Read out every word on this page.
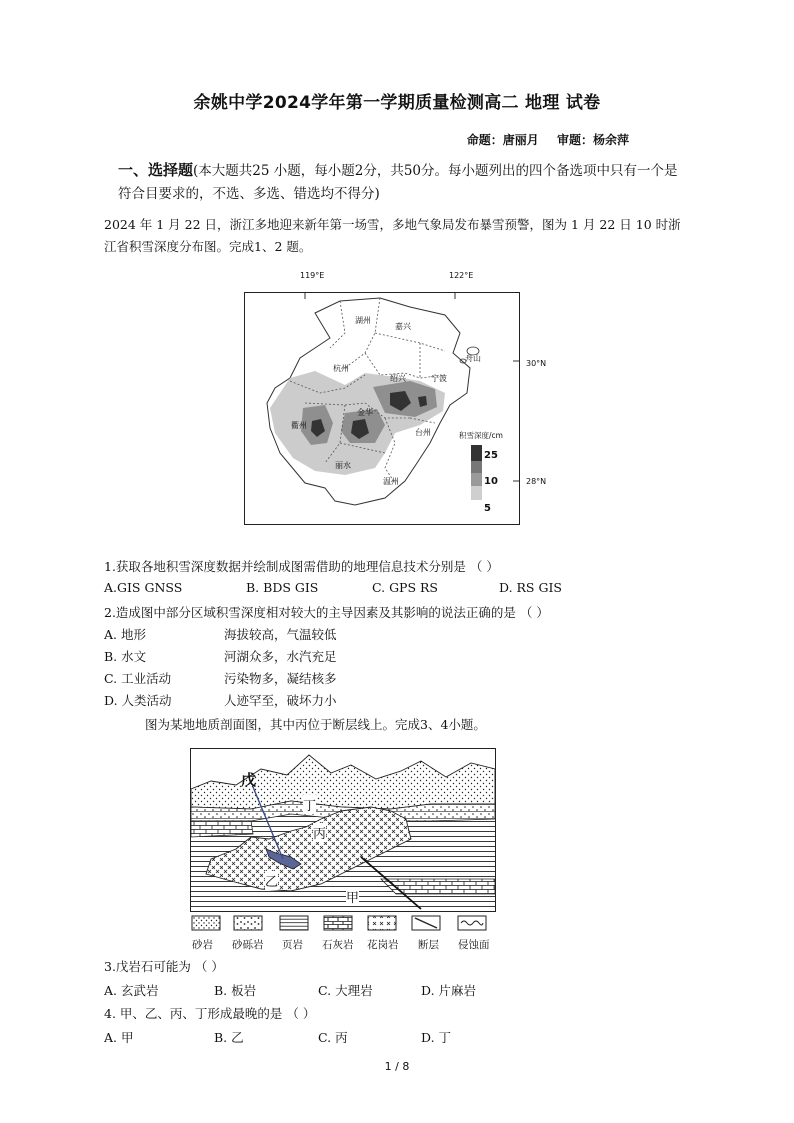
余姚中学2024学年第一学期质量检测高二 地理 试卷
命题：唐丽月 审题：杨余萍
一、选择题(本大题共25 小题，每小题2分，共50分。每小题列出的四个备选项中只有一个是符合目要求的，不选、多选、错选均不得分)
2024 年 1 月 22 日，浙江多地迎来新年第一场雪，多地气象局发布暴雪预警，图为 1 月 22 日 10 时浙江省积雪深度分布图。完成1、2 题。
119°E	122°E
30°N
28°N
湖州
嘉兴
舟山
杭州
绍兴	宁波
金华
衢州
台州
丽水
温州
积雪深度/cm
25
10
5
1.获取各地积雪深度数据并绘制成图需借助的地理信息技术分别是 （ ）
A.GIS GNSS	B. BDS GIS	C. GPS RS	D. RS GIS
2.造成图中部分区域积雪深度相对较大的主导因素及其影响的说法正确的是 （ ）
A. 地形	海拔较高，气温较低
B. 水文	河湖众多，水汽充足
C. 工业活动	污染物多，凝结核多
D. 人类活动	人迹罕至，破坏力小
图为某地地质剖面图，其中丙位于断层线上。完成3、4小题。
戊
丁
丙
乙
甲
砂岩 砂砾岩 页岩 石灰岩 花岗岩 断层 侵蚀面
3.戊岩石可能为 （ ）
A. 玄武岩	B. 板岩	C. 大理岩	D. 片麻岩
4. 甲、乙、丙、丁形成最晚的是 （ ）
A. 甲	B. 乙	C. 丙	D. 丁
1 / 8
